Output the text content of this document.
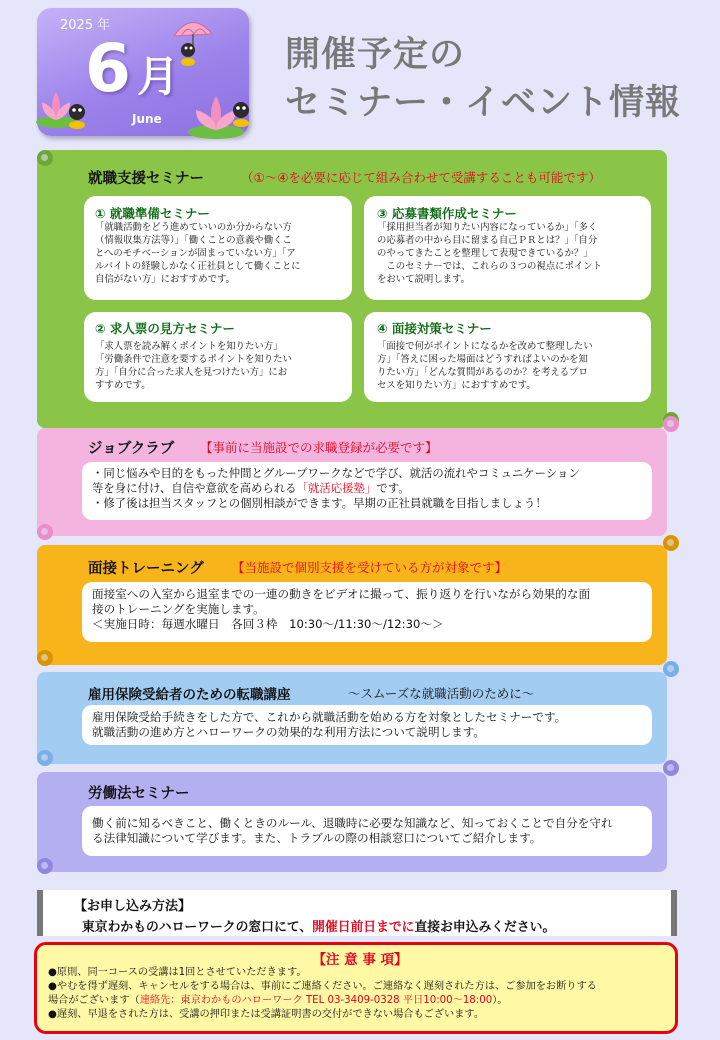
2025 年
6月
June
開催予定の
セミナー・イベント情報
就職支援セミナー	（①～④を必要に応じて組み合わせて受講することも可能です）
① 就職準備セミナー
「就職活動をどう進めていいのか分からない方
（情報収集方法等）」「働くことの意義や働くこ
とへのモチベーションが固まっていない方」「ア
ルバイトの経験しかなく正社員として働くことに
自信がない方」におすすめです。
③ 応募書類作成セミナー
「採用担当者が知りたい内容になっているか」「多く
の応募者の中から目に留まる自己ＰＲとは？」「自分
のやってきたことを整理して表現できているか？」
　このセミナーでは、これらの３つの視点にポイント
をおいて説明します。
② 求人票の見方セミナー
「求人票を読み解くポイントを知りたい方」
「労働条件で注意を要するポイントを知りたい
方」「自分に合った求人を見つけたい方」にお
すすめです。
④ 面接対策セミナー
「面接で何がポイントになるかを改めて整理したい
方」「答えに困った場面はどうすればよいのかを知
りたい方」「どんな質問があるのか？を考えるプロ
セスを知りたい方」におすすめです。
ジョブクラブ 【事前に当施設での求職登録が必要です】
・同じ悩みや目的をもった仲間とグループワークなどで学び、就活の流れやコミュニケーション
等を身に付け、自信や意欲を高められる「就活応援塾」です。
・修了後は担当スタッフとの個別相談ができます。早期の正社員就職を目指しましょう！
面接トレーニング 【当施設で個別支援を受けている方が対象です】
面接室への入室から退室までの一連の動きをビデオに撮って、振り返りを行いながら効果的な面
接のトレーニングを実施します。
＜実施日時：毎週水曜日　各回３枠　10:30～/11:30～/12:30～＞
雇用保険受給者のための転職講座	～スムーズな就職活動のために～
雇用保険受給手続きをした方で、これから就職活動を始める方を対象としたセミナーです。
就職活動の進め方とハローワークの効果的な利用方法について説明します。
労働法セミナー
働く前に知るべきこと、働くときのルール、退職時に必要な知識など、知っておくことで自分を守れ
る法律知識について学びます。また、トラブルの際の相談窓口についてご紹介します。
【お申し込み方法】
東京わかものハローワークの窓口にて、開催日前日までに直接お申込みください。
【注 意 事 項】
●原則、同一コースの受講は1回とさせていただきます。
●やむを得ず遅刻、キャンセルをする場合は、事前にご連絡ください。ご連絡なく遅刻された方は、ご参加をお断りする
場合がございます（連絡先：東京わかものハローワーク TEL 03-3409-0328 平日10:00～18:00）。
●遅刻、早退をされた方は、受講の押印または受講証明書の交付ができない場合もございます。
